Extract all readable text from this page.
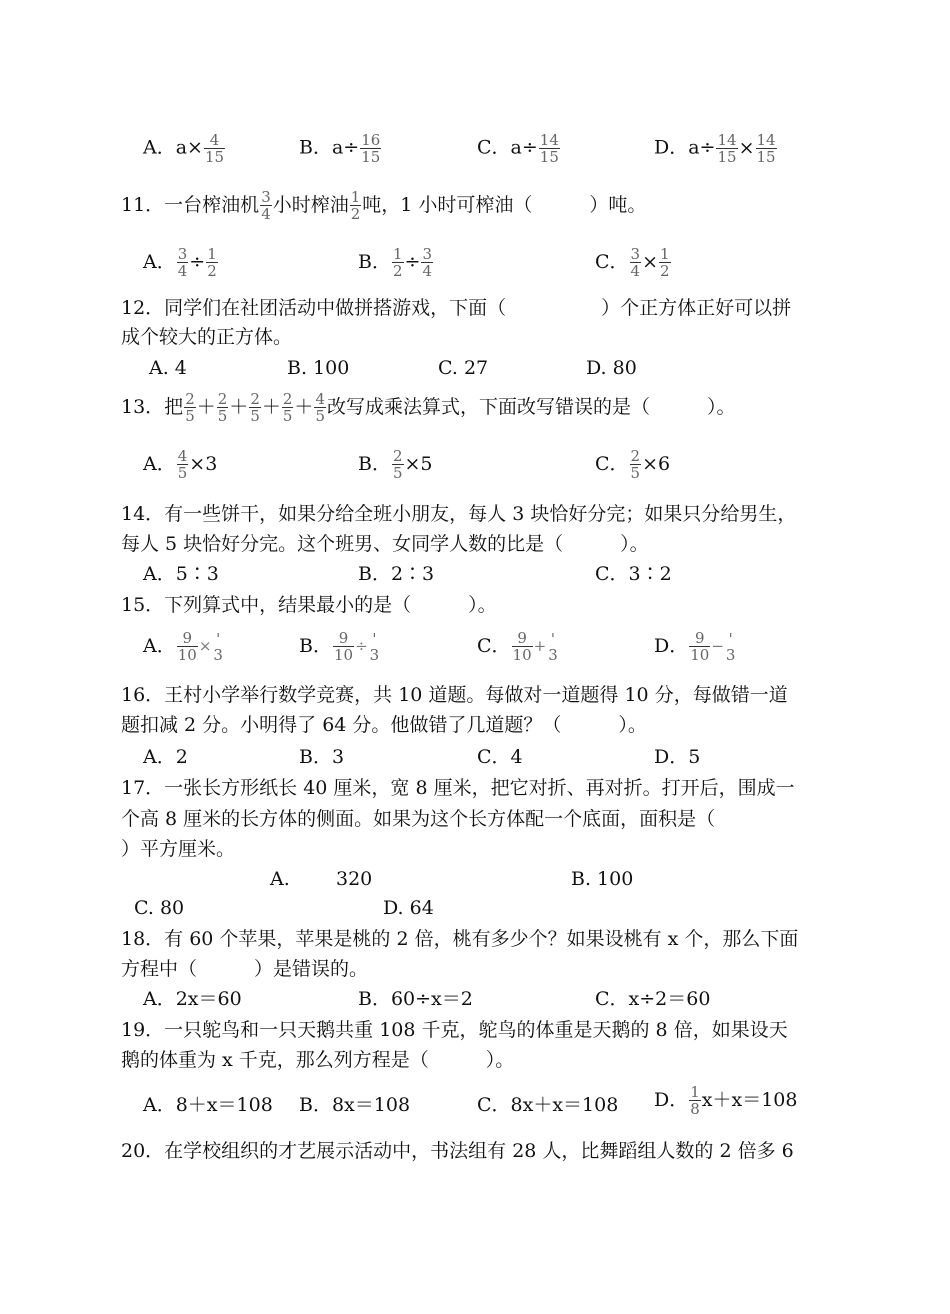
A．$a\times \frac{4}{15}$	B．$a\div \frac{16}{15}$	C．$a\div \frac{14}{15}$	D．$a\div \frac{14}{15} \times \frac{14}{15}$
11．一台榨油机 $\frac{3}{4}$ 小时榨油 $\frac{1}{2}$ 吨，1 小时可榨油（　　　）吨。
A． $\frac{3}{4} \div \frac{1}{2}$	B． $\frac{1}{2} \div \frac{3}{4}$	C． $\frac{3}{4} \times \frac{1}{2}$
12．同学们在社团活动中做拼搭游戏，下面（　　　　　）个正方体正好可以拼
成个较大的正方体。
A. 4	B. 100	C. 27	D. 80
13．把 $\frac{2}{5} + \frac{2}{5} + \frac{2}{5} + \frac{2}{5} + \frac{4}{5}$ 改写成乘法算式，下面改写错误的是（　　　）。
A． $\frac{4}{5} \times 3$	B． $\frac{2}{5} \times 5$	C． $\frac{2}{5} \times 6$
14．有一些饼干，如果分给全班小朋友，每人 3 块恰好分完；如果只分给男生，
每人 5 块恰好分完。这个班男、女同学人数的比是（　　　）。
A．5∶3	B．2∶3	C．3∶2
15．下列算式中，结果最小的是（　　　）。
A． $\frac{9}{10}$ × '
3	B． $\frac{9}{10}$ ÷ '
3	C． $\frac{9}{10}$ + '
3	D． $\frac{9}{10}$ − '
3
16．王村小学举行数学竞赛，共 10 道题。每做对一道题得 10 分，每做错一道
题扣减 2 分。小明得了 64 分。他做错了几道题？（　　　）。
A．2	B．3	C．4	D．5
17．一张长方形纸长 40 厘米，宽 8 厘米，把它对折、再对折。打开后，围成一
个高 8 厘米的长方体的侧面。如果为这个长方体配一个底面，面积是（
）平方厘米。
A. 320	B. 100
C. 80	D. 64
18．有 60 个苹果，苹果是桃的 2 倍，桃有多少个？如果设桃有 x 个，那么下面
方程中（　　　）是错误的。
A．2x＝60	B．60÷x＝2	C．x÷2＝60
19．一只鸵鸟和一只天鹅共重 108 千克，鸵鸟的体重是天鹅的 8 倍，如果设天
鹅的体重为 x 千克，那么列方程是（　　　）。
A．8＋x＝108 B．8x＝108	C．8x＋x＝108 D． $\frac{1}{8} x+x=108$
20．在学校组织的才艺展示活动中，书法组有 28 人，比舞蹈组人数的 2 倍多 6
